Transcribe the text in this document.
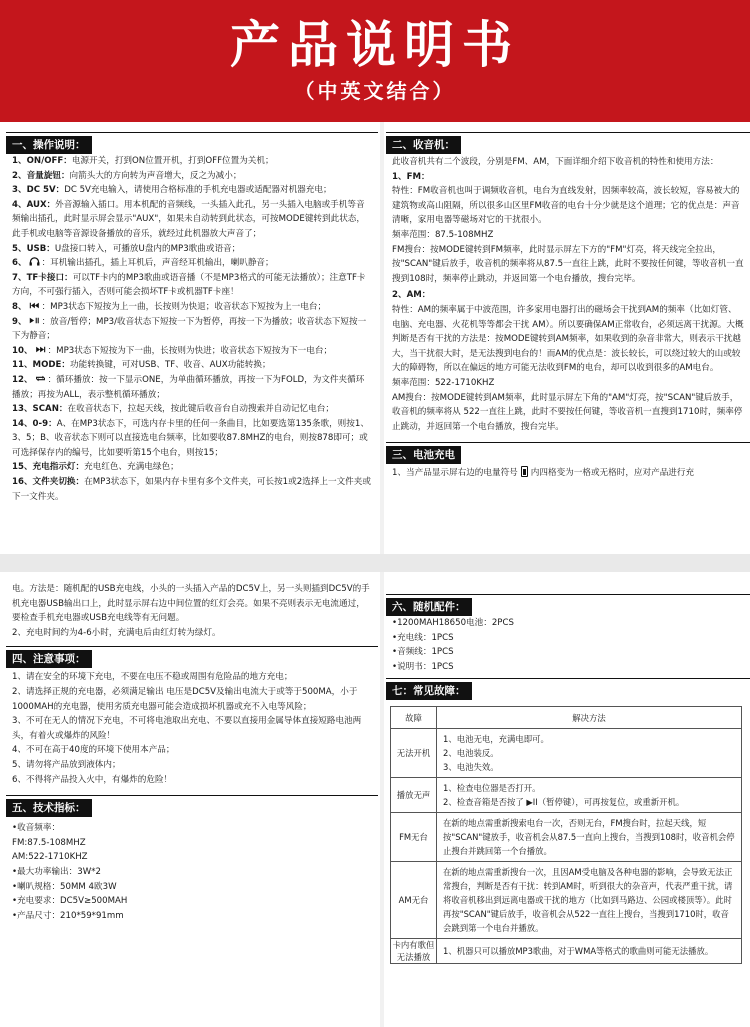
产品说明书
（中英文结合）
一、操作说明：
1、ON/OFF：电源开关，打到ON位置开机，打到OFF位置为关机；
2、音量旋钮：向箭头大的方向转为声音增大，反之为减小；
3、DC 5V：DC 5V充电输入，请使用合格标准的手机充电器或适配器对机器充电；
4、AUX：外音源输入插口。用本机配的音频线，一头插入此孔，另一头插入电脑或手机等音频输出插孔，此时显示屏会显示"AUX"，如果未自动转到此状态，可按MODE键转到此状态，此手机或电脑等音源设备播放的音乐，就经过此机器放大声音了；
5、USB：U盘接口转入，可播放U盘内的MP3歌曲或语音；
6、 ：耳机输出插孔，插上耳机后，声音经耳机输出，喇叭静音；
7、TF卡接口：可以TF卡内的MP3歌曲或语音播（不是MP3格式的可能无法播放）；注意TF卡方向，不可强行插入，否则可能会损坏TF卡或机器TF卡座！
8、 ：MP3状态下短按为上一曲，长按则为快退；收音状态下短按为上一电台；
9、 ：放音/暂停；MP3/收音状态下短按一下为暂停，再按一下为播放；收音状态下短按一下为静音；
10、 ：MP3状态下短按为下一曲，长按则为快进；收音状态下短按为下一电台；
11、MODE：功能转换键，可对USB、TF、收音、AUX功能转换；
12、 ：循环播放：按一下显示ONE，为单曲循环播放，再按一下为FOLD，为文件夹循环播放；再按为ALL，表示整机循环播放；
13、SCAN：在收音状态下，拉起天线，按此键后收音台自动搜索并自动记忆电台；
14、0-9：A、在MP3状态下，可选内存卡里的任何一条曲目，比如要选第135条歌，则按1、3、5；B、收音状态下则可以直接选电台频率，比如要收87.8MHZ的电台，则按878即可；或可选择保存内的编号，比如要听第15个电台，则按15；
15、充电指示灯：充电红色、充满电绿色；
16、文件夹切换：在MP3状态下，如果内存卡里有多个文件夹，可长按1或2选择上一文件夹或下一文件夹。
二、收音机：
此收音机共有二个波段，分别是FM、AM，下面详细介绍下收音机的特性和使用方法：
1、FM：
特性：FM收音机也叫于调频收音机，电台为直线发射，因频率较高，波长较短，容易被大的建筑物或高山阻隔，所以很多山区里FM收音的电台十分少就是这个道理；它的优点是：声音清晰，家用电器等磁场对它的干扰很小。
频率范围：87.5-108MHZ
FM搜台：按MODE键转到FM频率，此时显示屏左下方的"FM"灯亮，将天线完全拉出，按"SCAN"键后放手，收音机的频率将从87.5一直往上跳，此时不要按任何键，等收音机一直搜到108时，频率停止跳动，并返回第一个电台播放，搜台完毕。
2、AM：
特性：AM的频率属于中波范围，许多家用电器打出的磁场会干扰到AM的频率（比如灯管、电脑、充电器、火花机等等都会干扰 AM）。所以要确保AM正常收台，必须远离干扰源。大概判断是否有干扰的方法是：按MODE键转到AM频率，如果收到的杂音非常大，则表示干扰越大，当干扰很大时，是无法搜到电台的！而AM的优点是：波长较长，可以绕过较大的山或较大的障碍物，所以在偏远的地方可能无法收到FM的电台，却可以收到很多的AM电台。
频率范围：522-1710KHZ
AM搜台：按MODE键转到AM频率，此时显示屏左下角的"AM"灯亮，按"SCAN"键后放手，收音机的频率将从 522一直往上跳，此时不要按任何键，等收音机一直搜到1710时，频率停止跳动，并返回第一个电台播放，搜台完毕。
三、电池充电
1、当产品显示屏右边的电量符号 内四格变为一格或无格时，应对产品进行充
电。方法是：随机配的USB充电线，小头的一头插入产品的DC5V上，另一头则插到DC5V的手机充电器USB输出口上，此时显示屏右边中间位置的红灯会亮。如果不亮则表示无电流通过，要检查手机充电器或USB充电线等有无问题。
2、充电时间约为4-6小时，充满电后由红灯转为绿灯。
四、注意事项：
1、请在安全的环境下充电，不要在电压不稳或周围有危险品的地方充电；
2、请选择正规的充电器，必须满足输出 电压是DC5V及输出电流大于或等于500MA，小于1000MAH的充电器，使用劣质充电器可能会造成损坏机器或充不入电等风险；
3、不可在无人的情况下充电，不可将电池取出充电、不要以直接用金属导体直接短路电池两头，有着火或爆炸的风险！
4、不可在高于40度的环境下使用本产品；
5、请勿将产品放到液体内；
6、不得将产品投入火中，有爆炸的危险！
五、技术指标：
•收音频率：
FM:87.5-108MHZ
AM:522-1710KHZ
•最大功率输出：3W*2
•喇叭规格：50MM 4欧3W
•充电要求：DC5V≥500MAH
•产品尺寸：210*59*91mm
六、随机配件：
•1200MAH18650电池：2PCS
•充电线：1PCS
•音频线：1PCS
•说明书：1PCS
七：常见故障：
故障	解决方法
无法开机	1、电池无电，充满电即可。
2、电池装反。
3、电池失效。
播放无声	1、检查电位器是否打开。
2、检查音箱是否按了 ▶II（暂停键），可再按复位，或重新开机。
FM无台	在新的地点需重新搜索电台一次，否则无台，FM搜台时，拉起天线，短按"SCAN"键放手，收音机会从87.5一直向上搜台，当搜到108时，收音机会停止搜台并跳回第一个台播放。
AM无台	在新的地点需重新搜台一次，且因AM受电脑及各种电器的影响，会导致无法正常搜台，判断是否有干扰：转到AM时，听到很大的杂音声，代表严重干扰，请将收音机移出到远离电器或干扰的地方（比如到马路边、公园或楼顶等）。此时再按"SCAN"键后放手，收音机会从522一直往上搜台，当搜到1710时，收音会跳到第一个电台并播放。
卡内有歌但无法播放	1、机器只可以播放MP3歌曲，对于WMA等格式的歌曲则可能无法播放。
